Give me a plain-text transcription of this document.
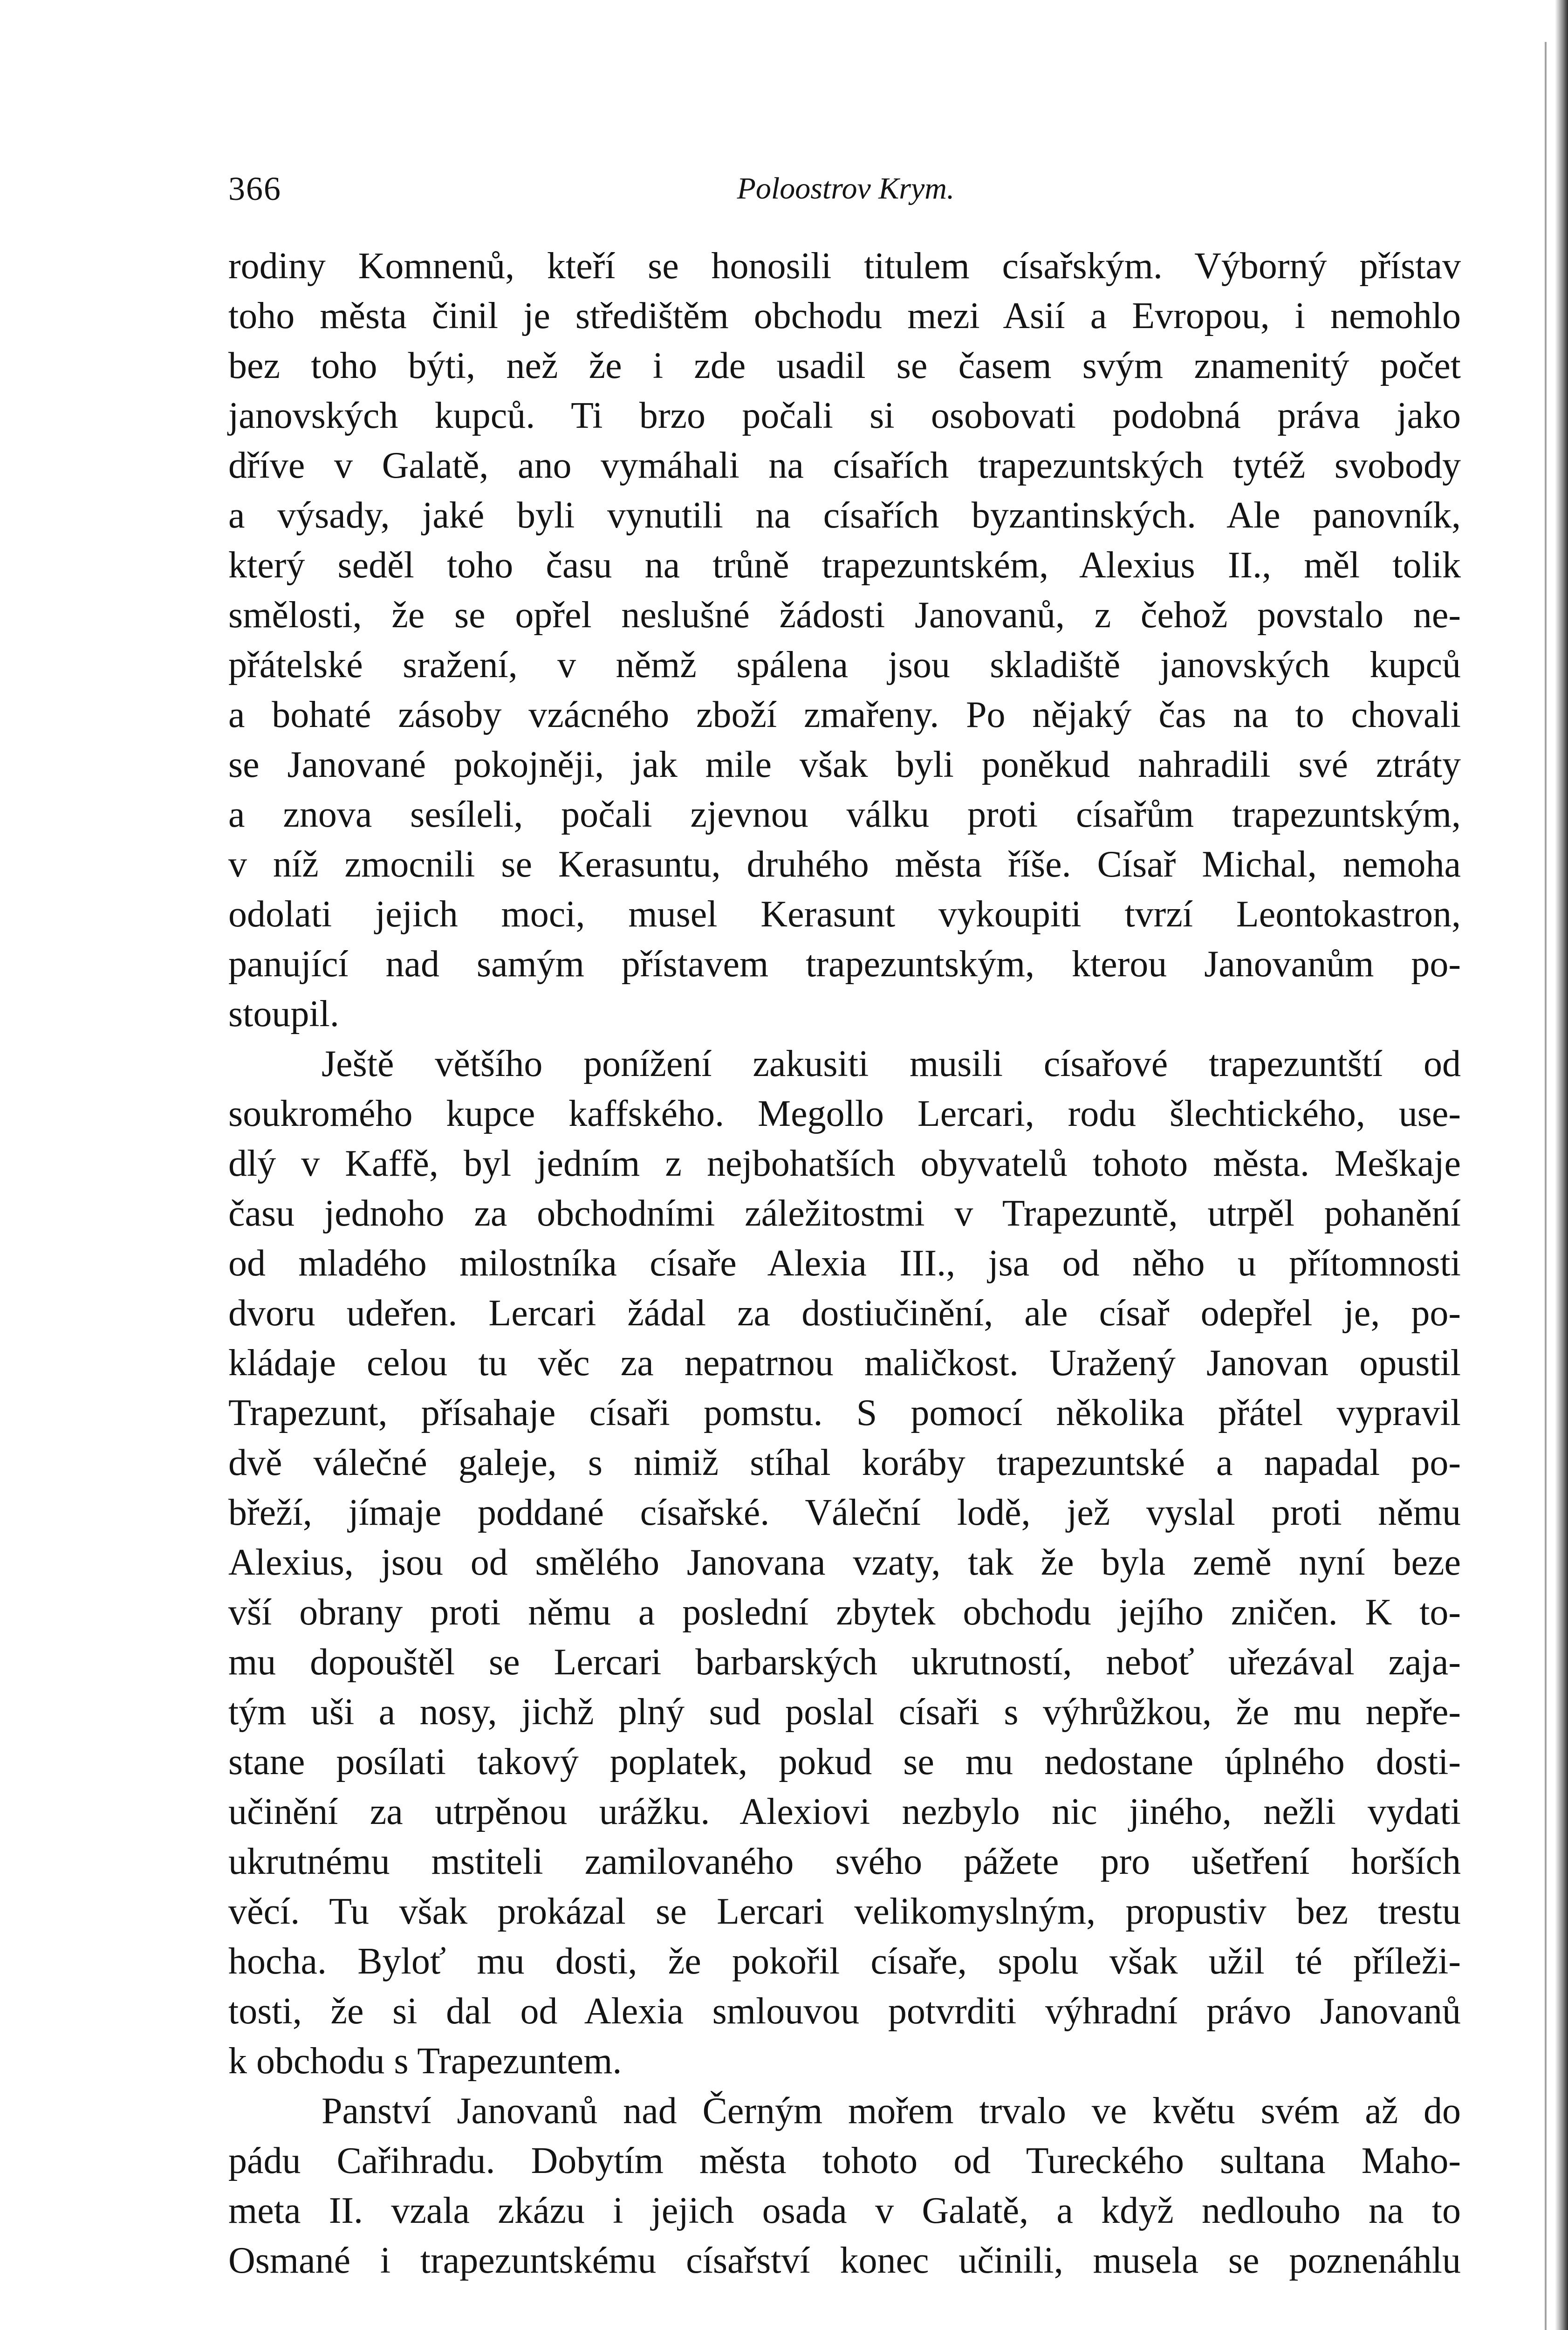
366	Poloostrov Krym.
rodiny Komnenů, kteří se honosili titulem císařským. Výborný přístav
toho města činil je středištěm obchodu mezi Asií a Evropou, i nemohlo
bez toho býti, než že i zde usadil se časem svým znamenitý počet
janovských kupců. Ti brzo počali si osobovati podobná práva jako
dříve v Galatě, ano vymáhali na císařích trapezuntských tytéž svobody
a výsady, jaké byli vynutili na císařích byzantinských. Ale panovník,
který seděl toho času na trůně trapezuntském, Alexius II., měl tolik
smělosti, že se opřel neslušné žádosti Janovanů, z čehož povstalo ne-
přátelské sražení, v němž spálena jsou skladiště janovských kupců
a bohaté zásoby vzácného zboží zmařeny. Po nějaký čas na to chovali
se Janované pokojněji, jak mile však byli poněkud nahradili své ztráty
a znova sesíleli, počali zjevnou válku proti císařům trapezuntským,
v níž zmocnili se Kerasuntu, druhého města říše. Císař Michal, nemoha
odolati jejich moci, musel Kerasunt vykoupiti tvrzí Leontokastron,
panující nad samým přístavem trapezuntským, kterou Janovanům po-
stoupil.
Ještě většího ponížení zakusiti musili císařové trapezuntští od
soukromého kupce kaffského. Megollo Lercari, rodu šlechtického, use-
dlý v Kaffě, byl jedním z nejbohatších obyvatelů tohoto města. Meškaje
času jednoho za obchodními záležitostmi v Trapezuntě, utrpěl pohanění
od mladého milostníka císaře Alexia III., jsa od něho u přítomnosti
dvoru udeřen. Lercari žádal za dostiučinění, ale císař odepřel je, po-
kládaje celou tu věc za nepatrnou maličkost. Uražený Janovan opustil
Trapezunt, přísahaje císaři pomstu. S pomocí několika přátel vypravil
dvě válečné galeje, s nimiž stíhal koráby trapezuntské a napadal po-
břeží, jímaje poddané císařské. Váleční lodě, jež vyslal proti němu
Alexius, jsou od smělého Janovana vzaty, tak že byla země nyní beze
vší obrany proti němu a poslední zbytek obchodu jejího zničen. K to-
mu dopouštěl se Lercari barbarských ukrutností, neboť uřezával zaja-
tým uši a nosy, jichž plný sud poslal císaři s výhrůžkou, že mu nepře-
stane posílati takový poplatek, pokud se mu nedostane úplného dosti-
učinění za utrpěnou urážku. Alexiovi nezbylo nic jiného, nežli vydati
ukrutnému mstiteli zamilovaného svého pážete pro ušetření horších
věcí. Tu však prokázal se Lercari velikomyslným, propustiv bez trestu
hocha. Byloť mu dosti, že pokořil císaře, spolu však užil té příleži-
tosti, že si dal od Alexia smlouvou potvrditi výhradní právo Janovanů
k obchodu s Trapezuntem.
Panství Janovanů nad Černým mořem trvalo ve květu svém až do
pádu Cařihradu. Dobytím města tohoto od Tureckého sultana Maho-
meta II. vzala zkázu i jejich osada v Galatě, a když nedlouho na to
Osmané i trapezuntskému císařství konec učinili, musela se poznenáhlu
